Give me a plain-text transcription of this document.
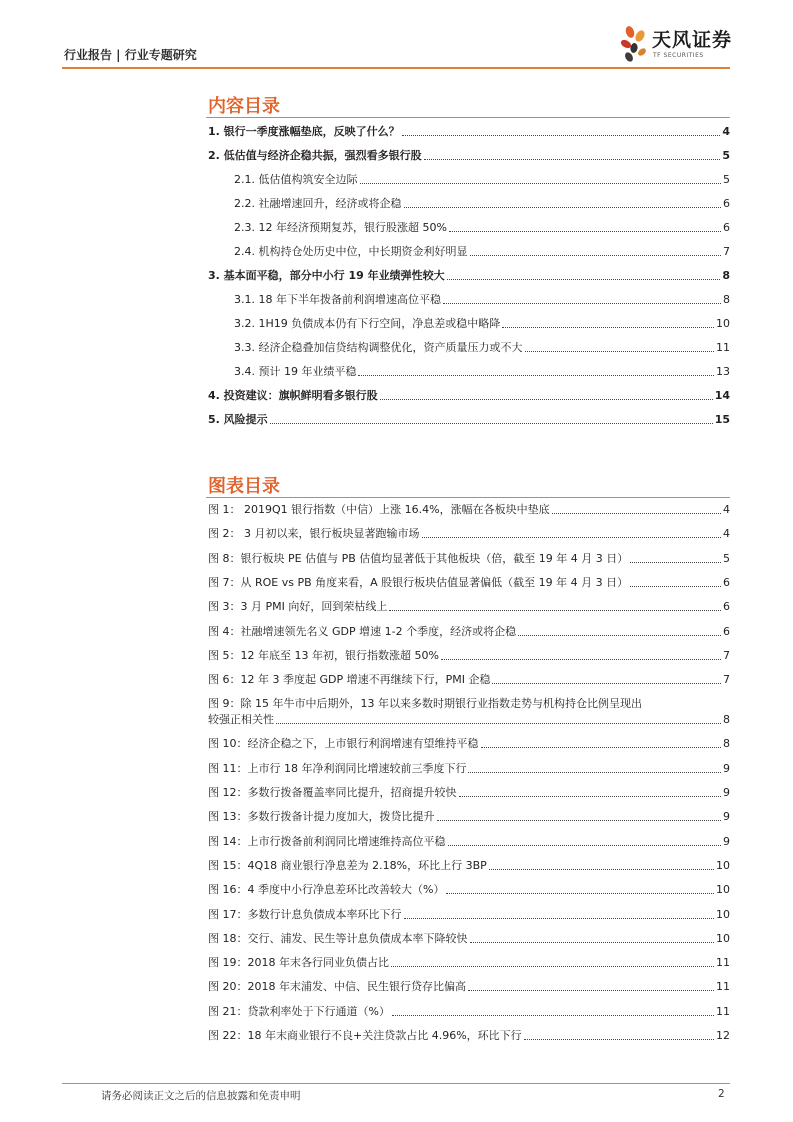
行业报告 | 行业专题研究
天风证券
TF SECURITIES
内容目录
1. 银行一季度涨幅垫底，反映了什么？	4
2. 低估值与经济企稳共振，强烈看多银行股	5
2.1. 低估值构筑安全边际	5
2.2. 社融增速回升，经济或将企稳	6
2.3. 12 年经济预期复苏，银行股涨超 50%	6
2.4. 机构持仓处历史中位，中长期资金利好明显	7
3. 基本面平稳，部分中小行 19 年业绩弹性较大	8
3.1. 18 年下半年拨备前利润增速高位平稳	8
3.2. 1H19 负债成本仍有下行空间，净息差或稳中略降	10
3.3. 经济企稳叠加信贷结构调整优化，资产质量压力或不大	11
3.4. 预计 19 年业绩平稳	13
4. 投资建议：旗帜鲜明看多银行股	14
5. 风险提示	15
图表目录
图 1： 2019Q1 银行指数（中信）上涨 16.4%，涨幅在各板块中垫底	4
图 2： 3 月初以来，银行板块显著跑输市场	4
图 8：银行板块 PE 估值与 PB 估值均显著低于其他板块（倍，截至 19 年 4 月 3 日）	5
图 7：从 ROE vs PB 角度来看，A 股银行板块估值显著偏低（截至 19 年 4 月 3 日）	6
图 3：3 月 PMI 向好，回到荣枯线上	6
图 4：社融增速领先名义 GDP 增速 1-2 个季度，经济或将企稳	6
图 5：12 年底至 13 年初，银行指数涨超 50%	7
图 6：12 年 3 季度起 GDP 增速不再继续下行，PMI 企稳	7
图 9：除 15 年牛市中后期外，13 年以来多数时期银行业指数走势与机构持仓比例呈现出
较强正相关性	8
图 10：经济企稳之下，上市银行利润增速有望维持平稳	8
图 11：上市行 18 年净利润同比增速较前三季度下行	9
图 12：多数行拨备覆盖率同比提升，招商提升较快	9
图 13：多数行拨备计提力度加大，拨贷比提升	9
图 14：上市行拨备前利润同比增速维持高位平稳	9
图 15：4Q18 商业银行净息差为 2.18%，环比上行 3BP	10
图 16：4 季度中小行净息差环比改善较大（%）	10
图 17：多数行计息负债成本率环比下行	10
图 18：交行、浦发、民生等计息负债成本率下降较快	10
图 19：2018 年末各行同业负债占比	11
图 20：2018 年末浦发、中信、民生银行贷存比偏高	11
图 21：贷款利率处于下行通道（%）	11
图 22：18 年末商业银行不良+关注贷款占比 4.96%，环比下行	12
请务必阅读正文之后的信息披露和免责申明	2
